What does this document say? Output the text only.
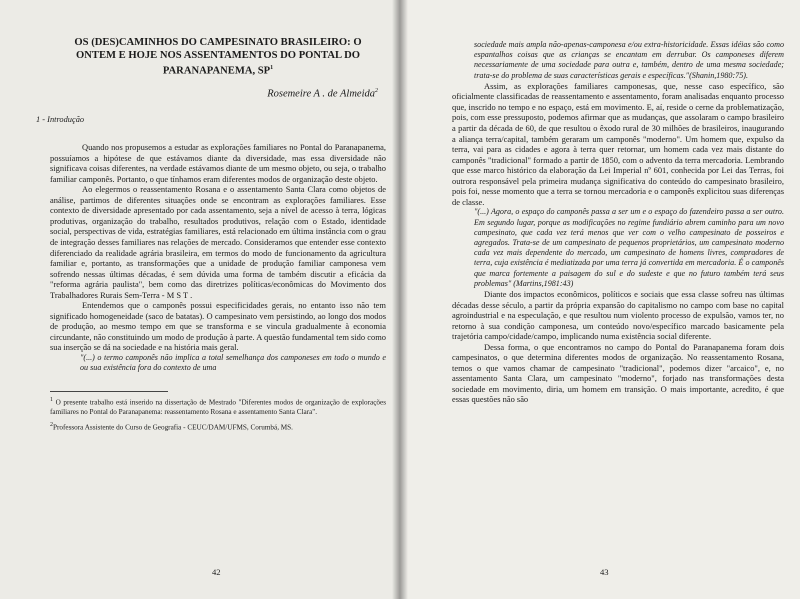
OS (DES)CAMINHOS DO CAMPESINATO BRASILEIRO: O ONTEM E HOJE NOS ASSENTAMENTOS DO PONTAL DO PARANAPANEMA, $SP^1$
Rosemeire A . de Almeida$^2$
1 - Introdução

Quando nos propusemos a estudar as explorações familiares no Pontal do Paranapanema, possuíamos a hipótese de que estávamos diante da diversidade, mas essa diversidade não significava coisas diferentes, na verdade estávamos diante de um mesmo objeto, ou seja, o trabalho familiar camponês. Portanto, o que tínhamos eram diferentes modos de organização deste objeto.

Ao elegermos o reassentamento Rosana e o assentamento Santa Clara como objetos de análise, partimos de diferentes situações onde se encontram as explorações familiares. Esse contexto de diversidade apresentado por cada assentamento, seja a nível de acesso à terra, lógicas produtivas, organização do trabalho, resultados produtivos, relação com o Estado, identidade social, perspectivas de vida, estratégias familiares, está relacionado em última instância com o grau de integração desses familiares nas relações de mercado. Consideramos que entender esse contexto diferenciado da realidade agrária brasileira, em termos do modo de funcionamento da agricultura familiar e, portanto, as transformações que a unidade de produção familiar camponesa vem sofrendo nessas últimas décadas, é sem dúvida uma forma de também discutir a eficácia da "reforma agrária paulista", bem como das diretrizes políticas/econômicas do Movimento dos Trabalhadores Rurais Sem-Terra - M S T .

Entendemos que o camponês possui especificidades gerais, no entanto isso não tem significado homogeneidade (saco de batatas). O campesinato vem persistindo, ao longo dos modos de produção, ao mesmo tempo em que se transforma e se vincula gradualmente à economia circundante, não constituindo um modo de produção à parte. A questão fundamental tem sido como sua inserção se dá na sociedade e na história mais geral.

"(...) o termo camponês não implica a total semelhança dos camponeses em todo o mundo e ou sua existência fora do contexto de uma

$^1$ O presente trabalho está inserido na dissertação de Mestrado "Diferentes modos de organização de explorações familiares no Pontal do Paranapanema: reassentamento Rosana e assentamento Santa Clara".
$^2$Professora Assistente do Curso de Geografia - CEUC/DAM/UFMS, Corumbá, MS.
42

sociedade mais ampla não-apenas-camponesa e/ou extra-historicidade. Essas idéias são como espantalhos coisas que as crianças se encantam em derrubar. Os camponeses diferem necessariamente de uma sociedade para outra e, também, dentro de uma mesma sociedade; trata-se do problema de suas características gerais e específicas."(Shanin,1980:75).

Assim, as explorações familiares camponesas, que, nesse caso específico, são oficialmente classificadas de reassentamento e assentamento, foram analisadas enquanto processo que, inscrido no tempo e no espaço, está em movimento. E, aí, reside o cerne da problematização, pois, com esse pressuposto, podemos afirmar que as mudanças, que assolaram o campo brasileiro a partir da década de 60, de que resultou o êxodo rural de 30 milhões de brasileiros, inaugurando a aliança terra/capital, também geraram um camponês "moderno". Um homem que, expulso da terra, vai para as cidades e agora à terra quer retornar, um homem cada vez mais distante do camponês "tradicional" formado a partir de 1850, com o advento da terra mercadoria. Lembrando que esse marco histórico da elaboração da Lei Imperial nº 601, conhecida por Lei das Terras, foi outrora responsável pela primeira mudança significativa do conteúdo do campesinato brasileiro, pois foi, nesse momento que a terra se tornou mercadoria e o camponês explicitou suas diferenças de classe.

"(...) Agora, o espaço do camponês passa a ser um e o espaço do fazendeiro passa a ser outro. Em segundo lugar, porque as modificações no regime fundiário abrem caminho para um novo campesinato, que cada vez terá menos que ver com o velho campesinato de posseiros e agregados. Trata-se de um campesinato de pequenos proprietários, um campesinato moderno cada vez mais dependente do mercado, um campesinato de homens livres, compradores de terra, cuja existência é mediatizada por uma terra já convertida em mercadoria. É o camponês que marca fortemente a paisagem do sul e do sudeste e que no futuro também terá seus problemas" (Martins,1981:43)

Diante dos impactos econômicos, políticos e sociais que essa classe sofreu nas últimas décadas desse século, a partir da própria expansão do capitalismo no campo com base no capital agroindustrial e na especulação, e que resultou num violento processo de expulsão, vamos ter, no retorno à sua condição camponesa, um conteúdo novo/específico marcado basicamente pela trajetória campo/cidade/campo, implicando numa existência social diferente.

Dessa forma, o que encontramos no campo do Pontal do Paranapanema foram dois campesinatos, o que determina diferentes modos de organização. No reassentamento Rosana, temos o que vamos chamar de campesinato "tradicional", podemos dizer "arcaico", e, no assentamento Santa Clara, um campesinato "moderno", forjado nas transformações desta sociedade em movimento, diria, um homem em transição. O mais importante, acredito, é que essas questões não são

43
